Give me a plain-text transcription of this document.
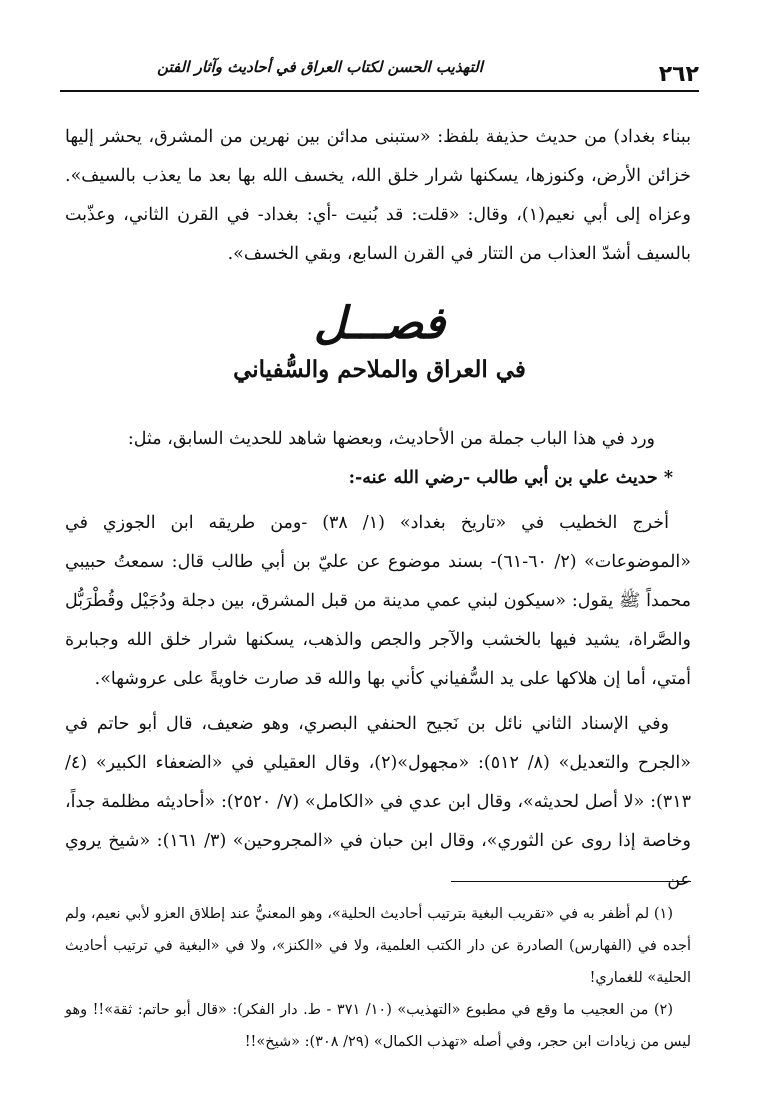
٢٦٢
التهذيب الحسن لكتاب العراق في أحاديث وآثار الفتن

ببناء بغداد) من حديث حذيفة بلفظ: «ستبنى مدائن بين نهرين من المشرق، يحشر إليها خزائن الأرض، وكنوزها، يسكنها شرار خلق الله، يخسف الله بها بعد ما يعذب بالسيف». وعزاه إلى أبي نعيم(١)، وقال: «قلت: قد بُنيت -أي: بغداد- في القرن الثاني، وعذّبت بالسيف أشدّ العذاب من التتار في القرن السابع، وبقي الخسف».

فصـــل
في العراق والملاحم والسُّفياني

ورد في هذا الباب جملة من الأحاديث، وبعضها شاهد للحديث السابق، مثل:

* حديث علي بن أبي طالب -رضي الله عنه-:

أخرج الخطيب في «تاريخ بغداد» (١/ ٣٨) -ومن طريقه ابن الجوزي في «الموضوعات» (٢/ ٦٠-٦١)- بسند موضوع عن عليّ بن أبي طالب قال: سمعتُ حبيبي محمداً ﷺ يقول: «سيكون لبني عمي مدينة من قبل المشرق، بين دجلة ودُجَيْل وقُطْرَبُّل والصَّراة، يشيد فيها بالخشب والآجر والجص والذهب، يسكنها شرار خلق الله وجبابرة أمتي، أما إن هلاكها على يد السُّفياني كأني بها والله قد صارت خاويةً على عروشها».

وفي الإسناد الثاني نائل بن نَجيح الحنفي البصري، وهو ضعيف، قال أبو حاتم في «الجرح والتعديل» (٨/ ٥١٢): «مجهول»(٢)، وقال العقيلي في «الضعفاء الكبير» (٤/ ٣١٣): «لا أصل لحديثه»، وقال ابن عدي في «الكامل» (٧/ ٢٥٢٠): «أحاديثه مظلمة جداً، وخاصة إذا روى عن الثوري»، وقال ابن حبان في «المجروحين» (٣/ ١٦١): «شيخ يروي عن

(١) لم أظفر به في «تقريب البغية بترتيب أحاديث الحلية»، وهو المعنيُّ عند إطلاق العزو لأبي نعيم، ولم أجده في (الفهارس) الصادرة عن دار الكتب العلمية، ولا في «الكنز»، ولا في «البغية في ترتيب أحاديث الحلية» للغماري!

(٢) من العجيب ما وقع في مطبوع «التهذيب» (١٠/ ٣٧١ - ط. دار الفكر): «قال أبو حاتم: ثقة»!! وهو ليس من زيادات ابن حجر، وفي أصله «تهذب الكمال» (٢٩/ ٣٠٨): «شيخ»!!
